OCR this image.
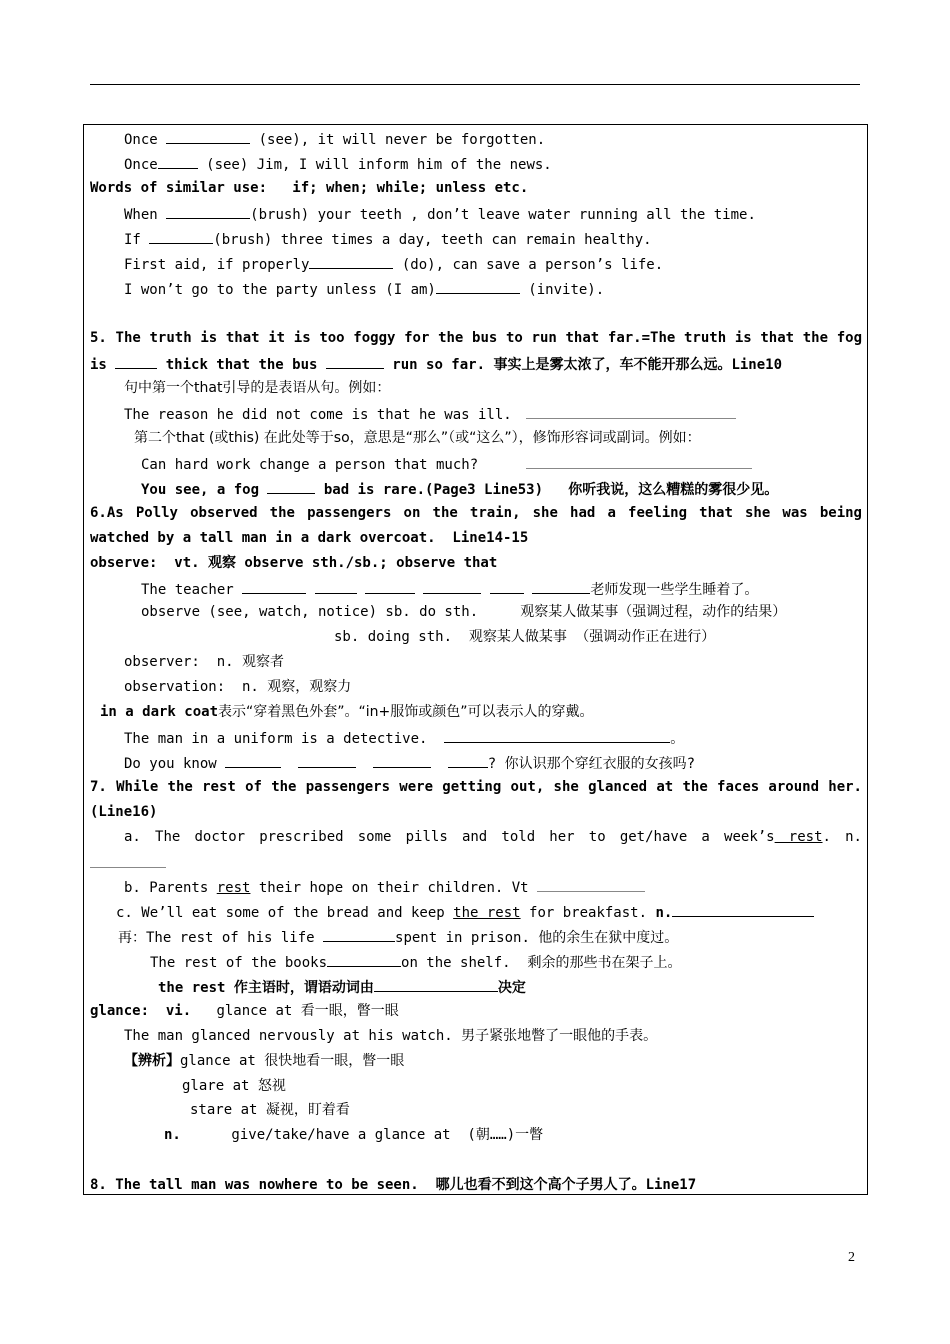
Once	(see), it will never be forgotten.
Once	(see) Jim, I will inform him of the news.
Words of similar use:   if; when; while; unless etc.
When	(brush) your teeth , don’t leave water running all the time.
If	(brush) three times a day, teeth can remain healthy.
First aid, if properly	(do), can save a person’s life.
I won’t go to the party unless (I am)	(invite).
5. The truth is that it is too foggy for the bus to run that far.=The truth is that the fog
is	thick that the bus	run so far. 事实上是雾太浓了，车不能开那么远。Line10
句中第一个that引导的是表语从句。例如：
The reason he did not come is that he was ill.
第二个that (或this) 在此处等于so，意思是“那么”（或“这么”），修饰形容词或副词。例如：
Can hard work change a person that much?
You see, a fog	bad is rare.(Page3 Line53)   你听我说，这么糟糕的雾很少见。
6.As Polly observed the passengers on the train, she had a feeling that she was being
watched by a tall man in a dark overcoat.  Line14-15
observe:  vt. 观察 observe sth./sb.; observe that
The teacher	老师发现一些学生睡着了。
observe (see, watch, notice) sb. do sth.     观察某人做某事（强调过程，动作的结果）
sb. doing sth.  观察某人做某事 （强调动作正在进行）
observer:  n. 观察者
observation:  n. 观察，观察力
in a dark coat表示“穿着黑色外套”。“in+服饰或颜色”可以表示人的穿戴。
The man in a uniform is a detective.	。
Do you know	? 你认识那个穿红衣服的女孩吗?
7. While the rest of the passengers were getting out, she glanced at the faces around her.
(Line16)
a. The doctor prescribed some pills and told her to get/have a week’s rest. n.
b. Parents rest their hope on their children. Vt
c. We’ll eat some of the bread and keep the rest for breakfast. n.
再：The rest of his life	spent in prison. 他的余生在狱中度过。
The rest of the books	on the shelf.  剩余的那些书在架子上。
the rest 作主语时，谓语动词由	决定
glance:  vi.   glance at 看一眼，瞥一眼
The man glanced nervously at his watch. 男子紧张地瞥了一眼他的手表。
【辨析】glance at 很快地看一眼，瞥一眼
glare at 怒视
stare at 凝视，盯着看
n.      give/take/have a glance at  (朝……)一瞥
8. The tall man was nowhere to be seen.  哪儿也看不到这个高个子男人了。Line17
2
